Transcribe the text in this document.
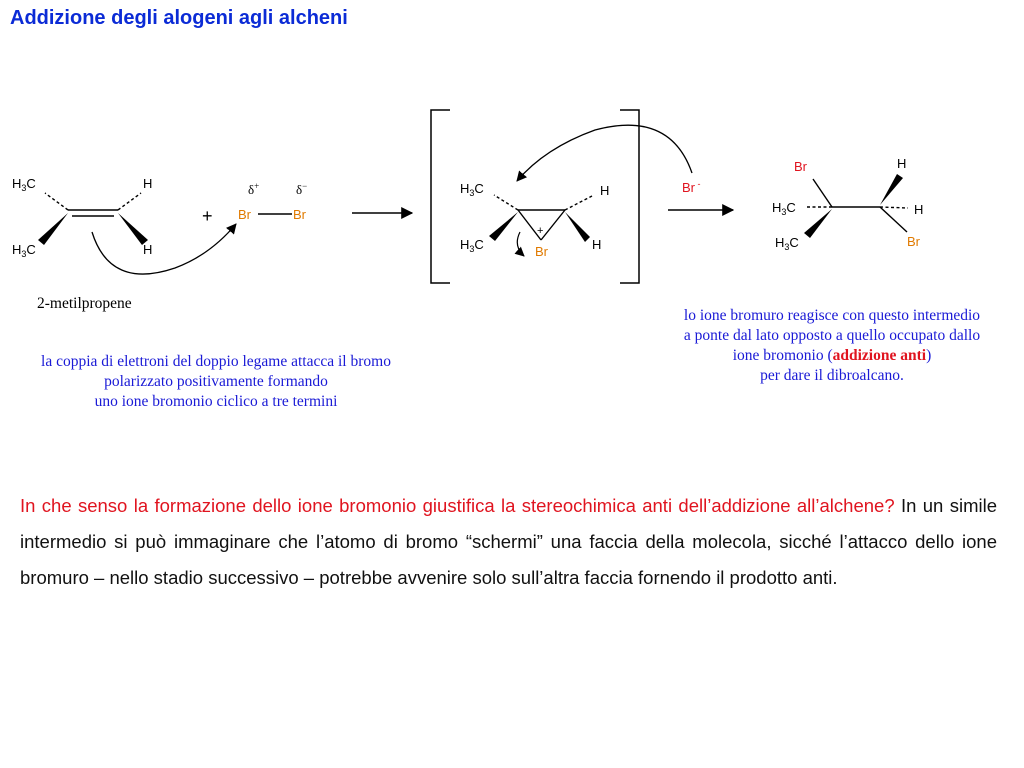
Addizione degli alogeni agli alcheni
$H_3C$
$H_3C$
H
H
2-metilpropene
+
δ+	δ−
Br	Br
$H_3C$
$H_3C$
H
H
+
Br
Br -
Br
$H_3C$
$H_3C$
H
H
Br
la coppia di elettroni del doppio legame attacca il bromo
polarizzato positivamente formando
uno ione bromonio ciclico a tre termini
lo ione bromuro reagisce con questo intermedio
a ponte dal lato opposto a quello occupato dallo
ione bromonio (addizione anti)
per dare il dibroalcano.
In che senso la formazione dello ione bromonio giustifica la stereochimica anti dell’addizione all’alchene? In un simile intermedio si può immaginare che l’atomo di bromo “schermi” una faccia della molecola, sicché l’attacco dello ione bromuro – nello stadio successivo – potrebbe avvenire solo sull’altra faccia fornendo il prodotto anti.
